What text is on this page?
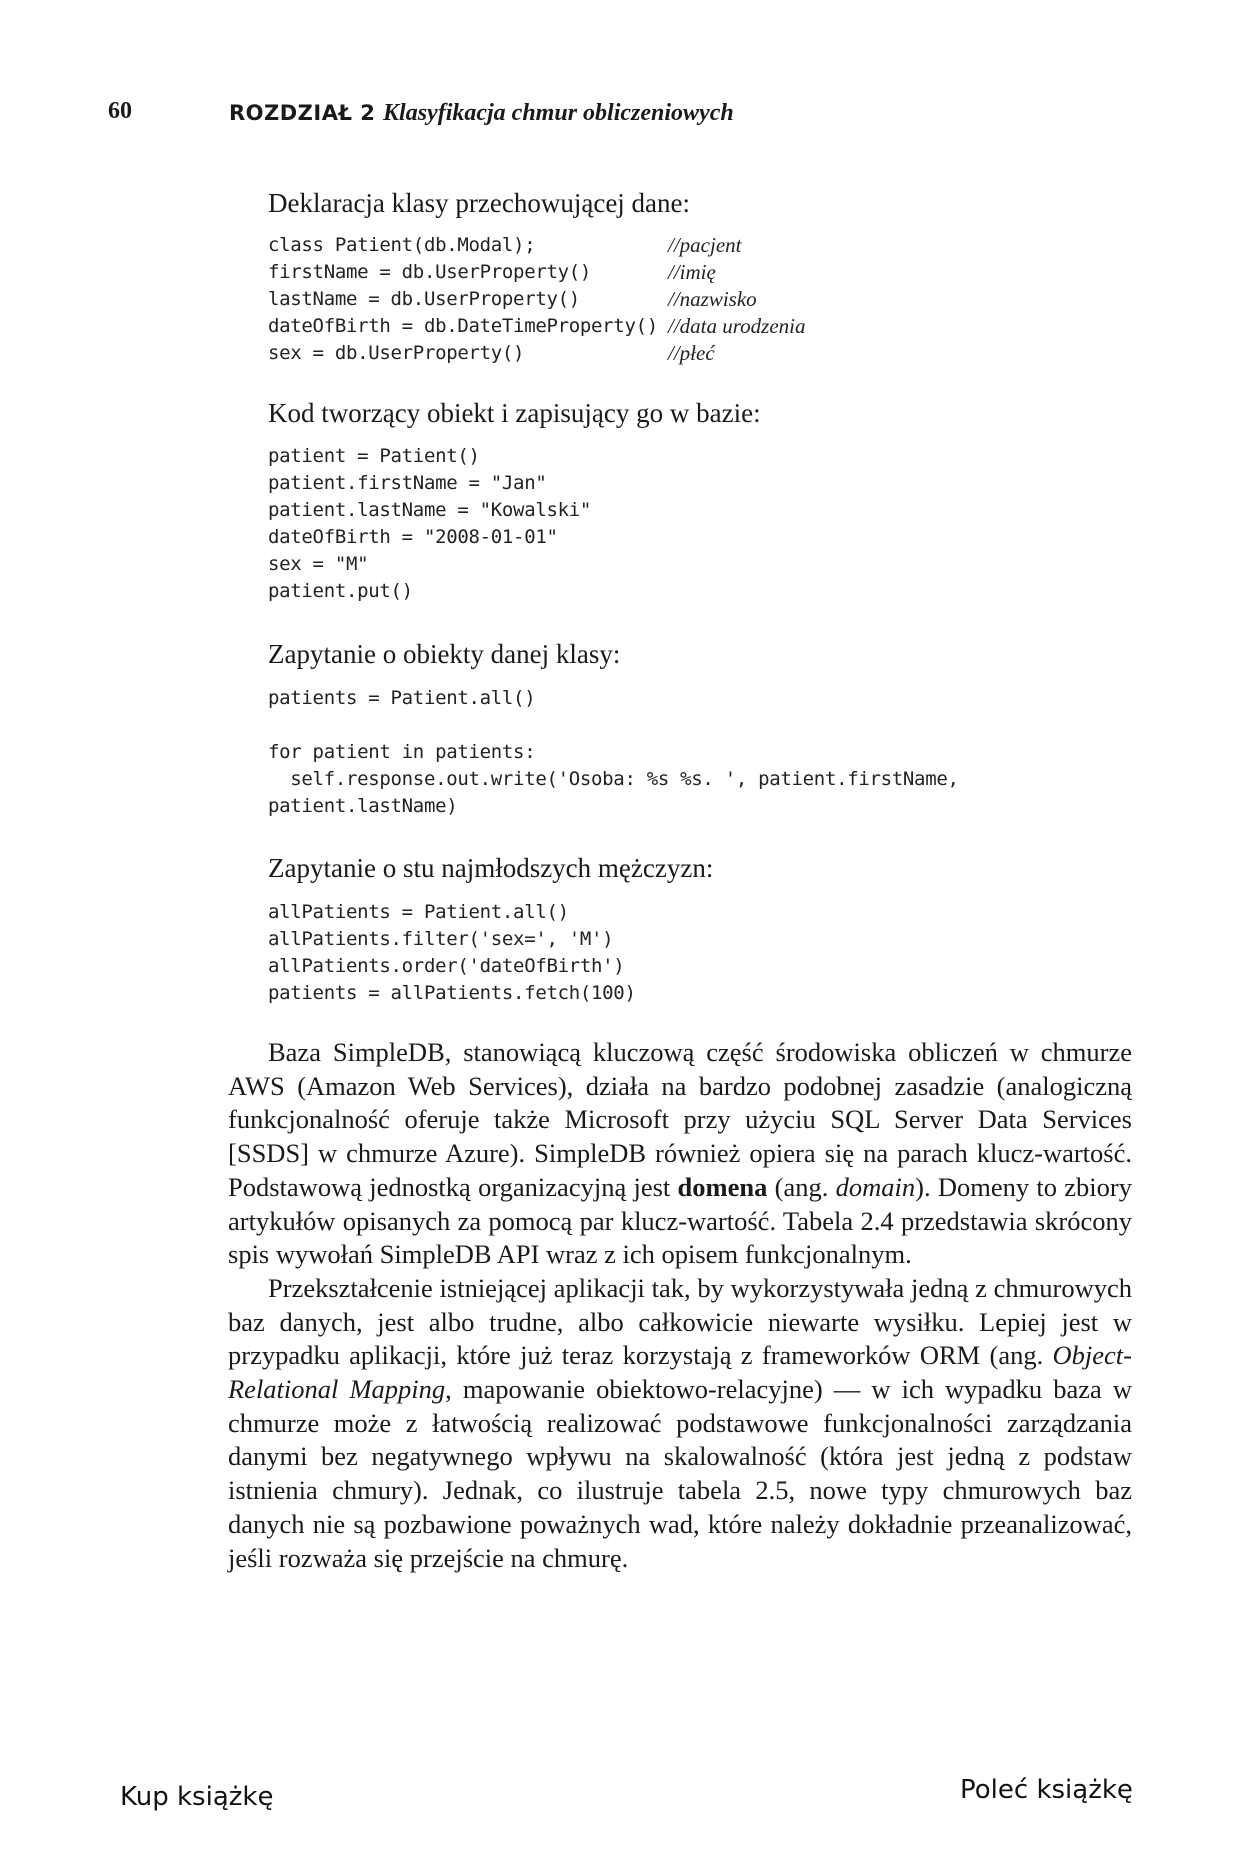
60	ROZDZIAŁ 2 Klasyfikacja chmur obliczeniowych
Deklaracja klasy przechowującej dane:
class Patient(db.Modal);	//pacjent
firstName = db.UserProperty()	//imię
lastName = db.UserProperty()	//nazwisko
dateOfBirth = db.DateTimeProperty() //data urodzenia
sex = db.UserProperty()	//płeć
Kod tworzący obiekt i zapisujący go w bazie:
patient = Patient()
patient.firstName = "Jan"
patient.lastName = "Kowalski"
dateOfBirth = "2008-01-01"
sex = "M"
patient.put()
Zapytanie o obiekty danej klasy:
patients = Patient.all()
for patient in patients:
self.response.out.write('Osoba: %s %s. ', patient.firstName,
patient.lastName)
Zapytanie o stu najmłodszych mężczyzn:
allPatients = Patient.all()
allPatients.filter('sex=', 'M')
allPatients.order('dateOfBirth')
patients = allPatients.fetch(100)

Baza SimpleDB, stanowiącą kluczową część środowiska obliczeń w chmurze AWS (Amazon Web Services), działa na bardzo podobnej zasadzie (analogiczną funkcjonalność oferuje także Microsoft przy użyciu SQL Server Data Services [SSDS] w chmurze Azure). SimpleDB również opiera się na parach klucz-wartość. Podstawową jednostką organizacyjną jest domena (ang. domain). Domeny to zbiory artykułów opisanych za pomocą par klucz-wartość. Tabela 2.4 przedstawia skrócony spis wywołań SimpleDB API wraz z ich opisem funkcjonalnym.

Przekształcenie istniejącej aplikacji tak, by wykorzystywała jedną z chmurowych baz danych, jest albo trudne, albo całkowicie niewarte wysiłku. Lepiej jest w przypadku aplikacji, które już teraz korzystają z frameworków ORM (ang. Object-Relational Mapping, mapowanie obiektowo-relacyjne) — w ich wypadku baza w chmurze może z łatwością realizować podstawowe funkcjonalności zarządzania danymi bez negatywnego wpływu na skalowalność (która jest jedną z podstaw istnienia chmury). Jednak, co ilustruje tabela 2.5, nowe typy chmurowych baz danych nie są pozbawione poważnych wad, które należy dokładnie przeanalizować, jeśli rozważa się przejście na chmurę.

Kup książkę	Poleć książkę
